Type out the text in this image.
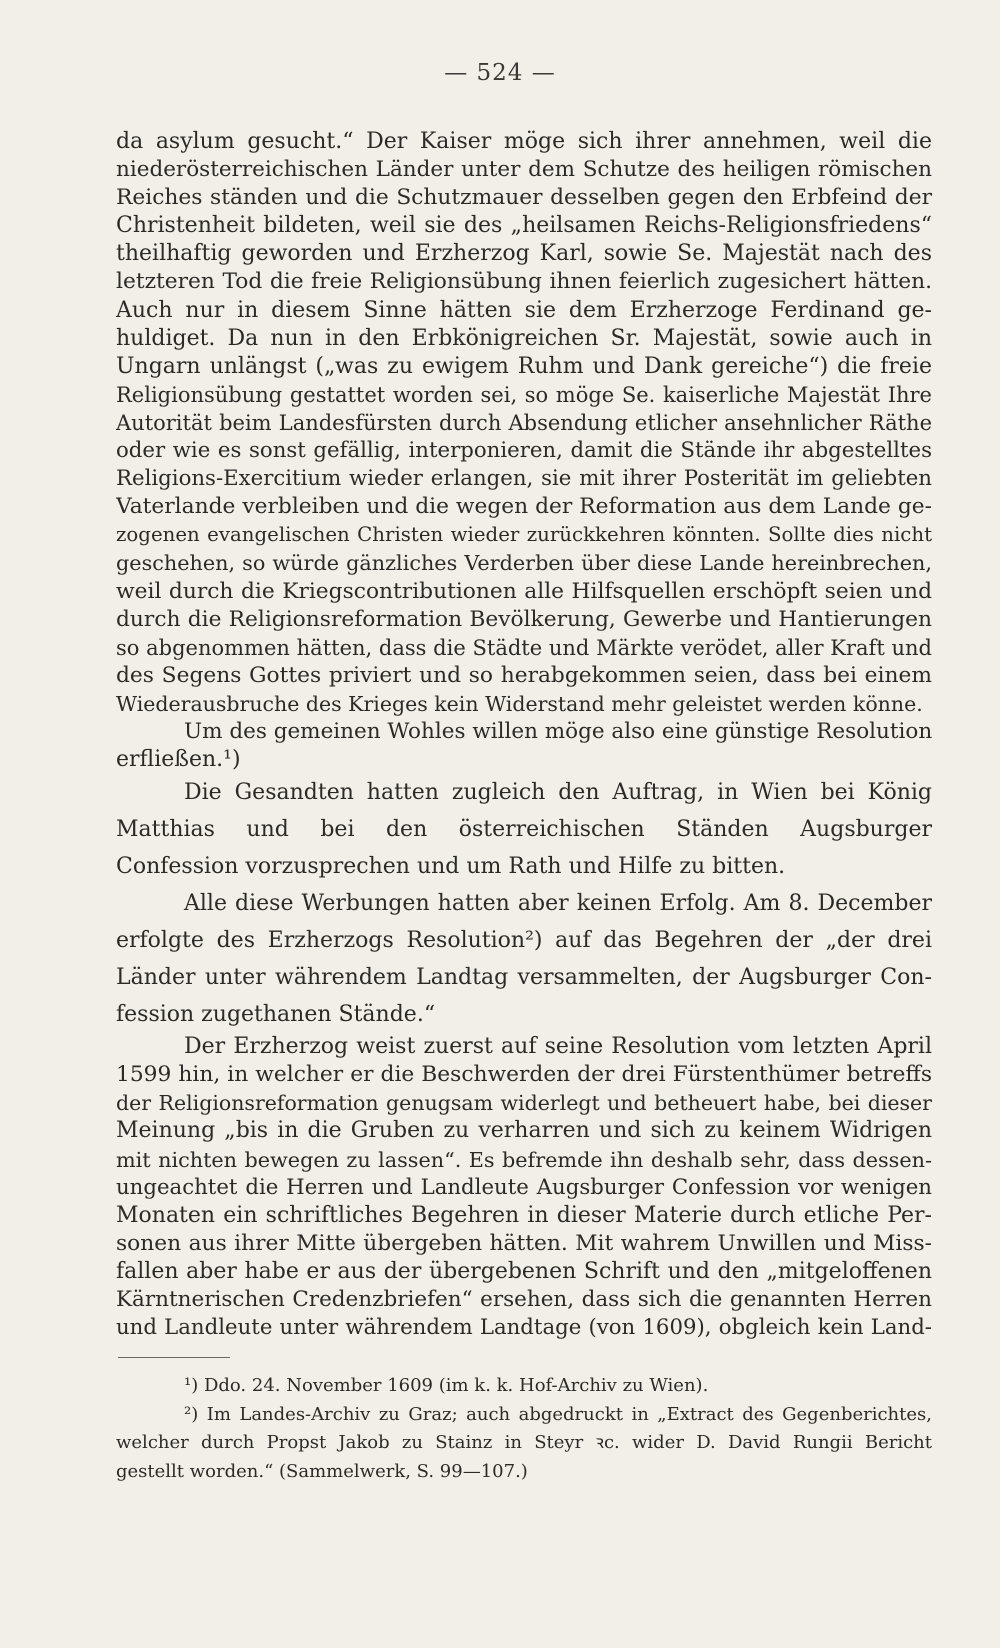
— 524 —
da asylum gesucht.“ Der Kaiser möge sich ihrer annehmen, weil die
niederösterreichischen Länder unter dem Schutze des heiligen römischen
Reiches ständen und die Schutzmauer desselben gegen den Erbfeind der
Christenheit bildeten, weil sie des „heilsamen Reichs-Religionsfriedens“
theilhaftig geworden und Erzherzog Karl, sowie Se. Majestät nach des
letzteren Tod die freie Religionsübung ihnen feierlich zugesichert hätten.
Auch nur in diesem Sinne hätten sie dem Erzherzoge Ferdinand ge-
huldiget. Da nun in den Erbkönigreichen Sr. Majestät, sowie auch in
Ungarn unlängst („was zu ewigem Ruhm und Dank gereiche“) die freie
Religionsübung gestattet worden sei, so möge Se. kaiserliche Majestät Ihre
Autorität beim Landesfürsten durch Absendung etlicher ansehnlicher Räthe
oder wie es sonst gefällig, interponieren, damit die Stände ihr abgestelltes
Religions-Exercitium wieder erlangen, sie mit ihrer Posterität im geliebten
Vaterlande verbleiben und die wegen der Reformation aus dem Lande ge-
zogenen evangelischen Christen wieder zurückkehren könnten. Sollte dies nicht
geschehen, so würde gänzliches Verderben über diese Lande hereinbrechen,
weil durch die Kriegscontributionen alle Hilfsquellen erschöpft seien und
durch die Religionsreformation Bevölkerung, Gewerbe und Hantierungen
so abgenommen hätten, dass die Städte und Märkte verödet, aller Kraft und
des Segens Gottes priviert und so herabgekommen seien, dass bei einem
Wiederausbruche des Krieges kein Widerstand mehr geleistet werden könne.
Um des gemeinen Wohles willen möge also eine günstige Resolution
erfließen.¹)
Die Gesandten hatten zugleich den Auftrag, in Wien bei König
Matthias und bei den österreichischen Ständen Augsburger
Confession vorzusprechen und um Rath und Hilfe zu bitten.
Alle diese Werbungen hatten aber keinen Erfolg. Am 8. December
erfolgte des Erzherzogs Resolution²) auf das Begehren der „der drei
Länder unter währendem Landtag versammelten, der Augsburger Con-
fession zugethanen Stände.“
Der Erzherzog weist zuerst auf seine Resolution vom letzten April
1599 hin, in welcher er die Beschwerden der drei Fürstenthümer betreffs
der Religionsreformation genugsam widerlegt und betheuert habe, bei dieser
Meinung „bis in die Gruben zu verharren und sich zu keinem Widrigen
mit nichten bewegen zu lassen“. Es befremde ihn deshalb sehr, dass dessen-
ungeachtet die Herren und Landleute Augsburger Confession vor wenigen
Monaten ein schriftliches Begehren in dieser Materie durch etliche Per-
sonen aus ihrer Mitte übergeben hätten. Mit wahrem Unwillen und Miss-
fallen aber habe er aus der übergebenen Schrift und den „mitgeloffenen
Kärntnerischen Credenzbriefen“ ersehen, dass sich die genannten Herren
und Landleute unter währendem Landtage (von 1609), obgleich kein Land-
¹) Ddo. 24. November 1609 (im k. k. Hof-Archiv zu Wien).
²) Im Landes-Archiv zu Graz; auch abgedruckt in „Extract des Gegenberichtes,
welcher durch Propst Jakob zu Stainz in Steyr ꝛc. wider D. David Rungii Bericht
gestellt worden.“ (Sammelwerk, S. 99—107.)
